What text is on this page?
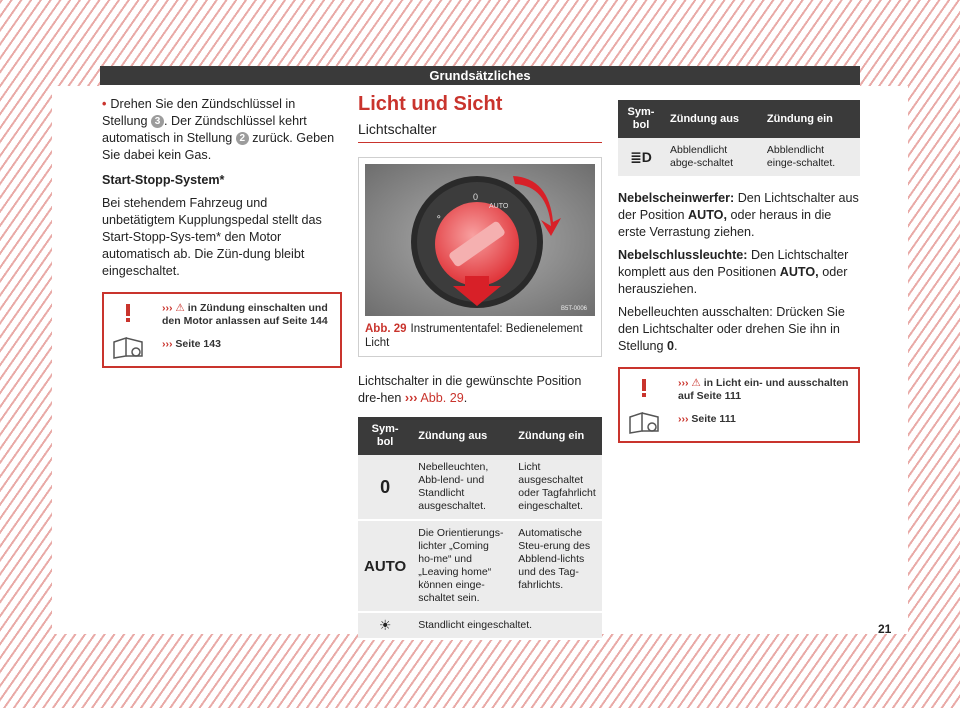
Grundsätzliches

• Drehen Sie den Zündschlüssel in Stellung 3 . Der Zündschlüssel kehrt automatisch in Stellung 2 zurück. Geben Sie dabei kein Gas.

Start-Stopp-System*

Bei stehendem Fahrzeug und unbetätigtem Kupplungspedal stellt das Start-Stopp-Sys-tem* den Motor automatisch ab. Die Zün-dung bleibt eingeschaltet.

››› ⚠ in Zündung einschalten und den Motor anlassen auf Seite 144
››› Seite 143
Licht und Sicht
Lichtschalter
0
AUTO
⚬
B5T-0006
Abb. 29 Instrumententafel: Bedienelement Licht

Lichtschalter in die gewünschte Position dre-hen ››› Abb. 29.

Sym-bol	Zündung aus	Zündung ein
0	Nebelleuchten, Abb-lend- und Standlicht ausgeschaltet.	Licht ausgeschaltet oder Tagfahrlicht eingeschaltet.
AUTO	Die Orientierungs-lichter „Coming ho-me“ und „Leaving home“ können einge-schaltet sein.	Automatische Steu-erung des Abblend-lichts und des Tag-fahrlichts.
☀	Standlicht eingeschaltet.	
Sym-bol	Zündung aus	Zündung ein
≣D	Abblendlicht abge-schaltet	Abblendlicht einge-schaltet.

Nebelscheinwerfer: Den Lichtschalter aus der Position AUTO, oder heraus in die erste Verrastung ziehen.

Nebelschlussleuchte: Den Lichtschalter komplett aus den Positionen AUTO, oder herausziehen.

Nebelleuchten ausschalten: Drücken Sie den Lichtschalter oder drehen Sie ihn in Stellung 0.

››› ⚠ in Licht ein- und ausschalten auf Seite 111
››› Seite 111
21
